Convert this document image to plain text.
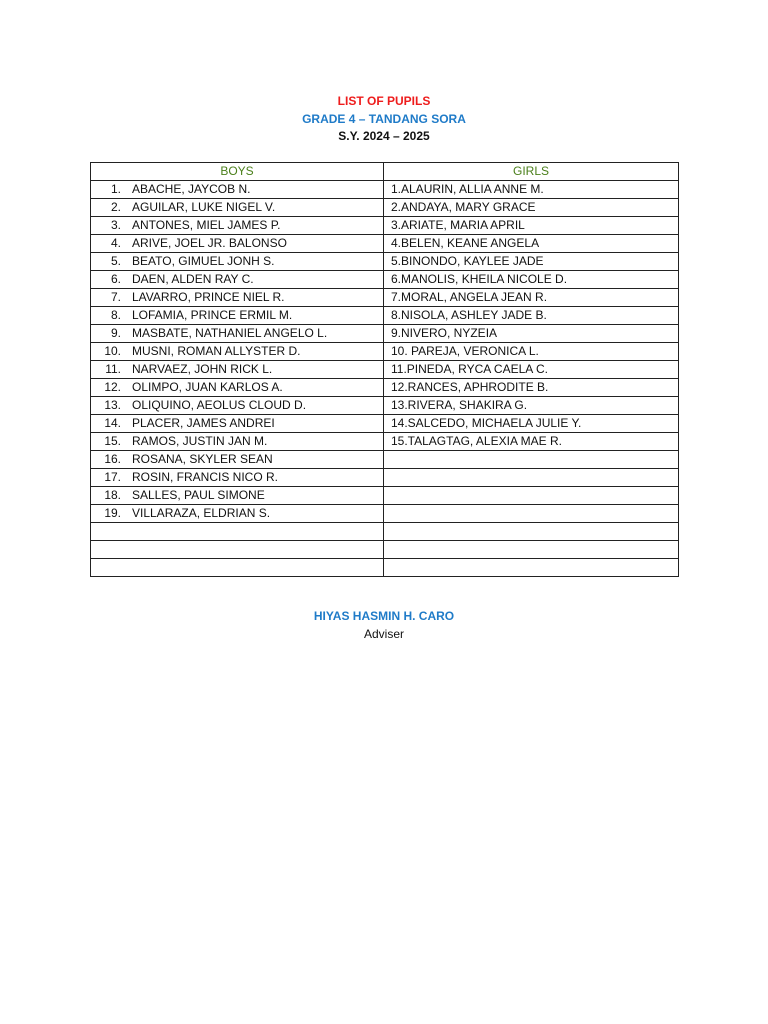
LIST OF PUPILS
GRADE 4 – TANDANG SORA
S.Y. 2024 – 2025
BOYS	GIRLS
1. ABACHE, JAYCOB N.	1.ALAURIN, ALLIA ANNE M.
2. AGUILAR, LUKE NIGEL V.	2.ANDAYA, MARY GRACE
3. ANTONES, MIEL JAMES P.	3.ARIATE, MARIA APRIL
4. ARIVE, JOEL JR. BALONSO	4.BELEN, KEANE ANGELA
5. BEATO, GIMUEL JONH S.	5.BINONDO, KAYLEE JADE
6. DAEN, ALDEN RAY C.	6.MANOLIS, KHEILA NICOLE D.
7. LAVARRO, PRINCE NIEL R.	7.MORAL, ANGELA JEAN R.
8. LOFAMIA, PRINCE ERMIL M.	8.NISOLA, ASHLEY JADE B.
9. MASBATE, NATHANIEL ANGELO L.	9.NIVERO, NYZEIA
10. MUSNI, ROMAN ALLYSTER D.	10. PAREJA, VERONICA L.
11. NARVAEZ, JOHN RICK L.	11.PINEDA, RYCA CAELA C.
12. OLIMPO, JUAN KARLOS A.	12.RANCES, APHRODITE B.
13. OLIQUINO, AEOLUS CLOUD D.	13.RIVERA, SHAKIRA G.
14. PLACER, JAMES ANDREI	14.SALCEDO, MICHAELA JULIE Y.
15. RAMOS, JUSTIN JAN M.	15.TALAGTAG, ALEXIA MAE R.
16. ROSANA, SKYLER SEAN	
17. ROSIN, FRANCIS NICO R.	
18. SALLES, PAUL SIMONE	
19. VILLARAZA, ELDRIAN S.	

HIYAS HASMIN H. CARO
Adviser
